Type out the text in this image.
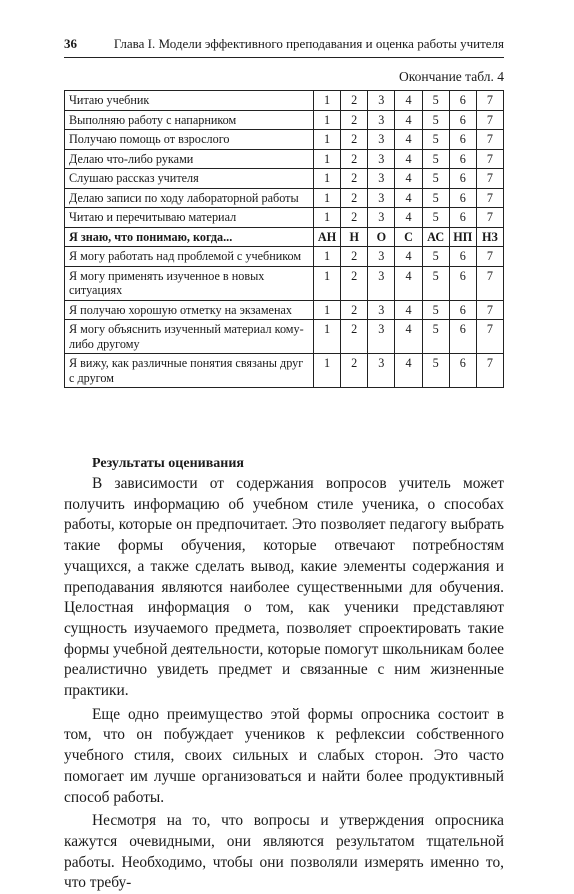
36	Глава I. Модели эффективного преподавания и оценка работы учителя
Окончание табл. 4
Читаю учебник	1	2	3	4	5	6	7
Выполняю работу с напарником	1	2	3	4	5	6	7
Получаю помощь от взрослого	1	2	3	4	5	6	7
Делаю что-либо руками	1	2	3	4	5	6	7
Слушаю рассказ учителя	1	2	3	4	5	6	7
Делаю записи по ходу лабораторной работы	1	2	3	4	5	6	7
Читаю и перечитываю материал	1	2	3	4	5	6	7
Я знаю, что понимаю, когда...	АН	Н	О	С	АС	НП	НЗ
Я могу работать над проблемой с учебником	1	2	3	4	5	6	7
Я могу применять изученное в новых ситуациях	1	2	3	4	5	6	7
Я получаю хорошую отметку на экзаменах	1	2	3	4	5	6	7
Я могу объяснить изученный материал кому-либо другому	1	2	3	4	5	6	7
Я вижу, как различные понятия связаны друг с другом	1	2	3	4	5	6	7
Результаты оценивания

В зависимости от содержания вопросов учитель может получить информацию об учебном стиле ученика, о способах работы, которые он предпочитает. Это позволяет педагогу выбрать такие формы обучения, которые отвечают потребностям учащихся, а также сделать вывод, какие элементы содержания и преподавания являются наиболее существенными для обучения. Целостная информация о том, как ученики представляют сущность изучаемого предмета, позволяет спроектировать такие формы учебной деятельности, которые помогут школьникам более реалистично увидеть предмет и связанные с ним жизненные практики.

Еще одно преимущество этой формы опросника состоит в том, что он побуждает учеников к рефлексии собственного учебного стиля, своих сильных и слабых сторон. Это часто помогает им лучше организоваться и найти более продуктивный способ работы.

Несмотря на то, что вопросы и утверждения опросника кажутся очевидными, они являются результатом тщательной работы. Необходимо, чтобы они позволяли измерять именно то, что требу-
